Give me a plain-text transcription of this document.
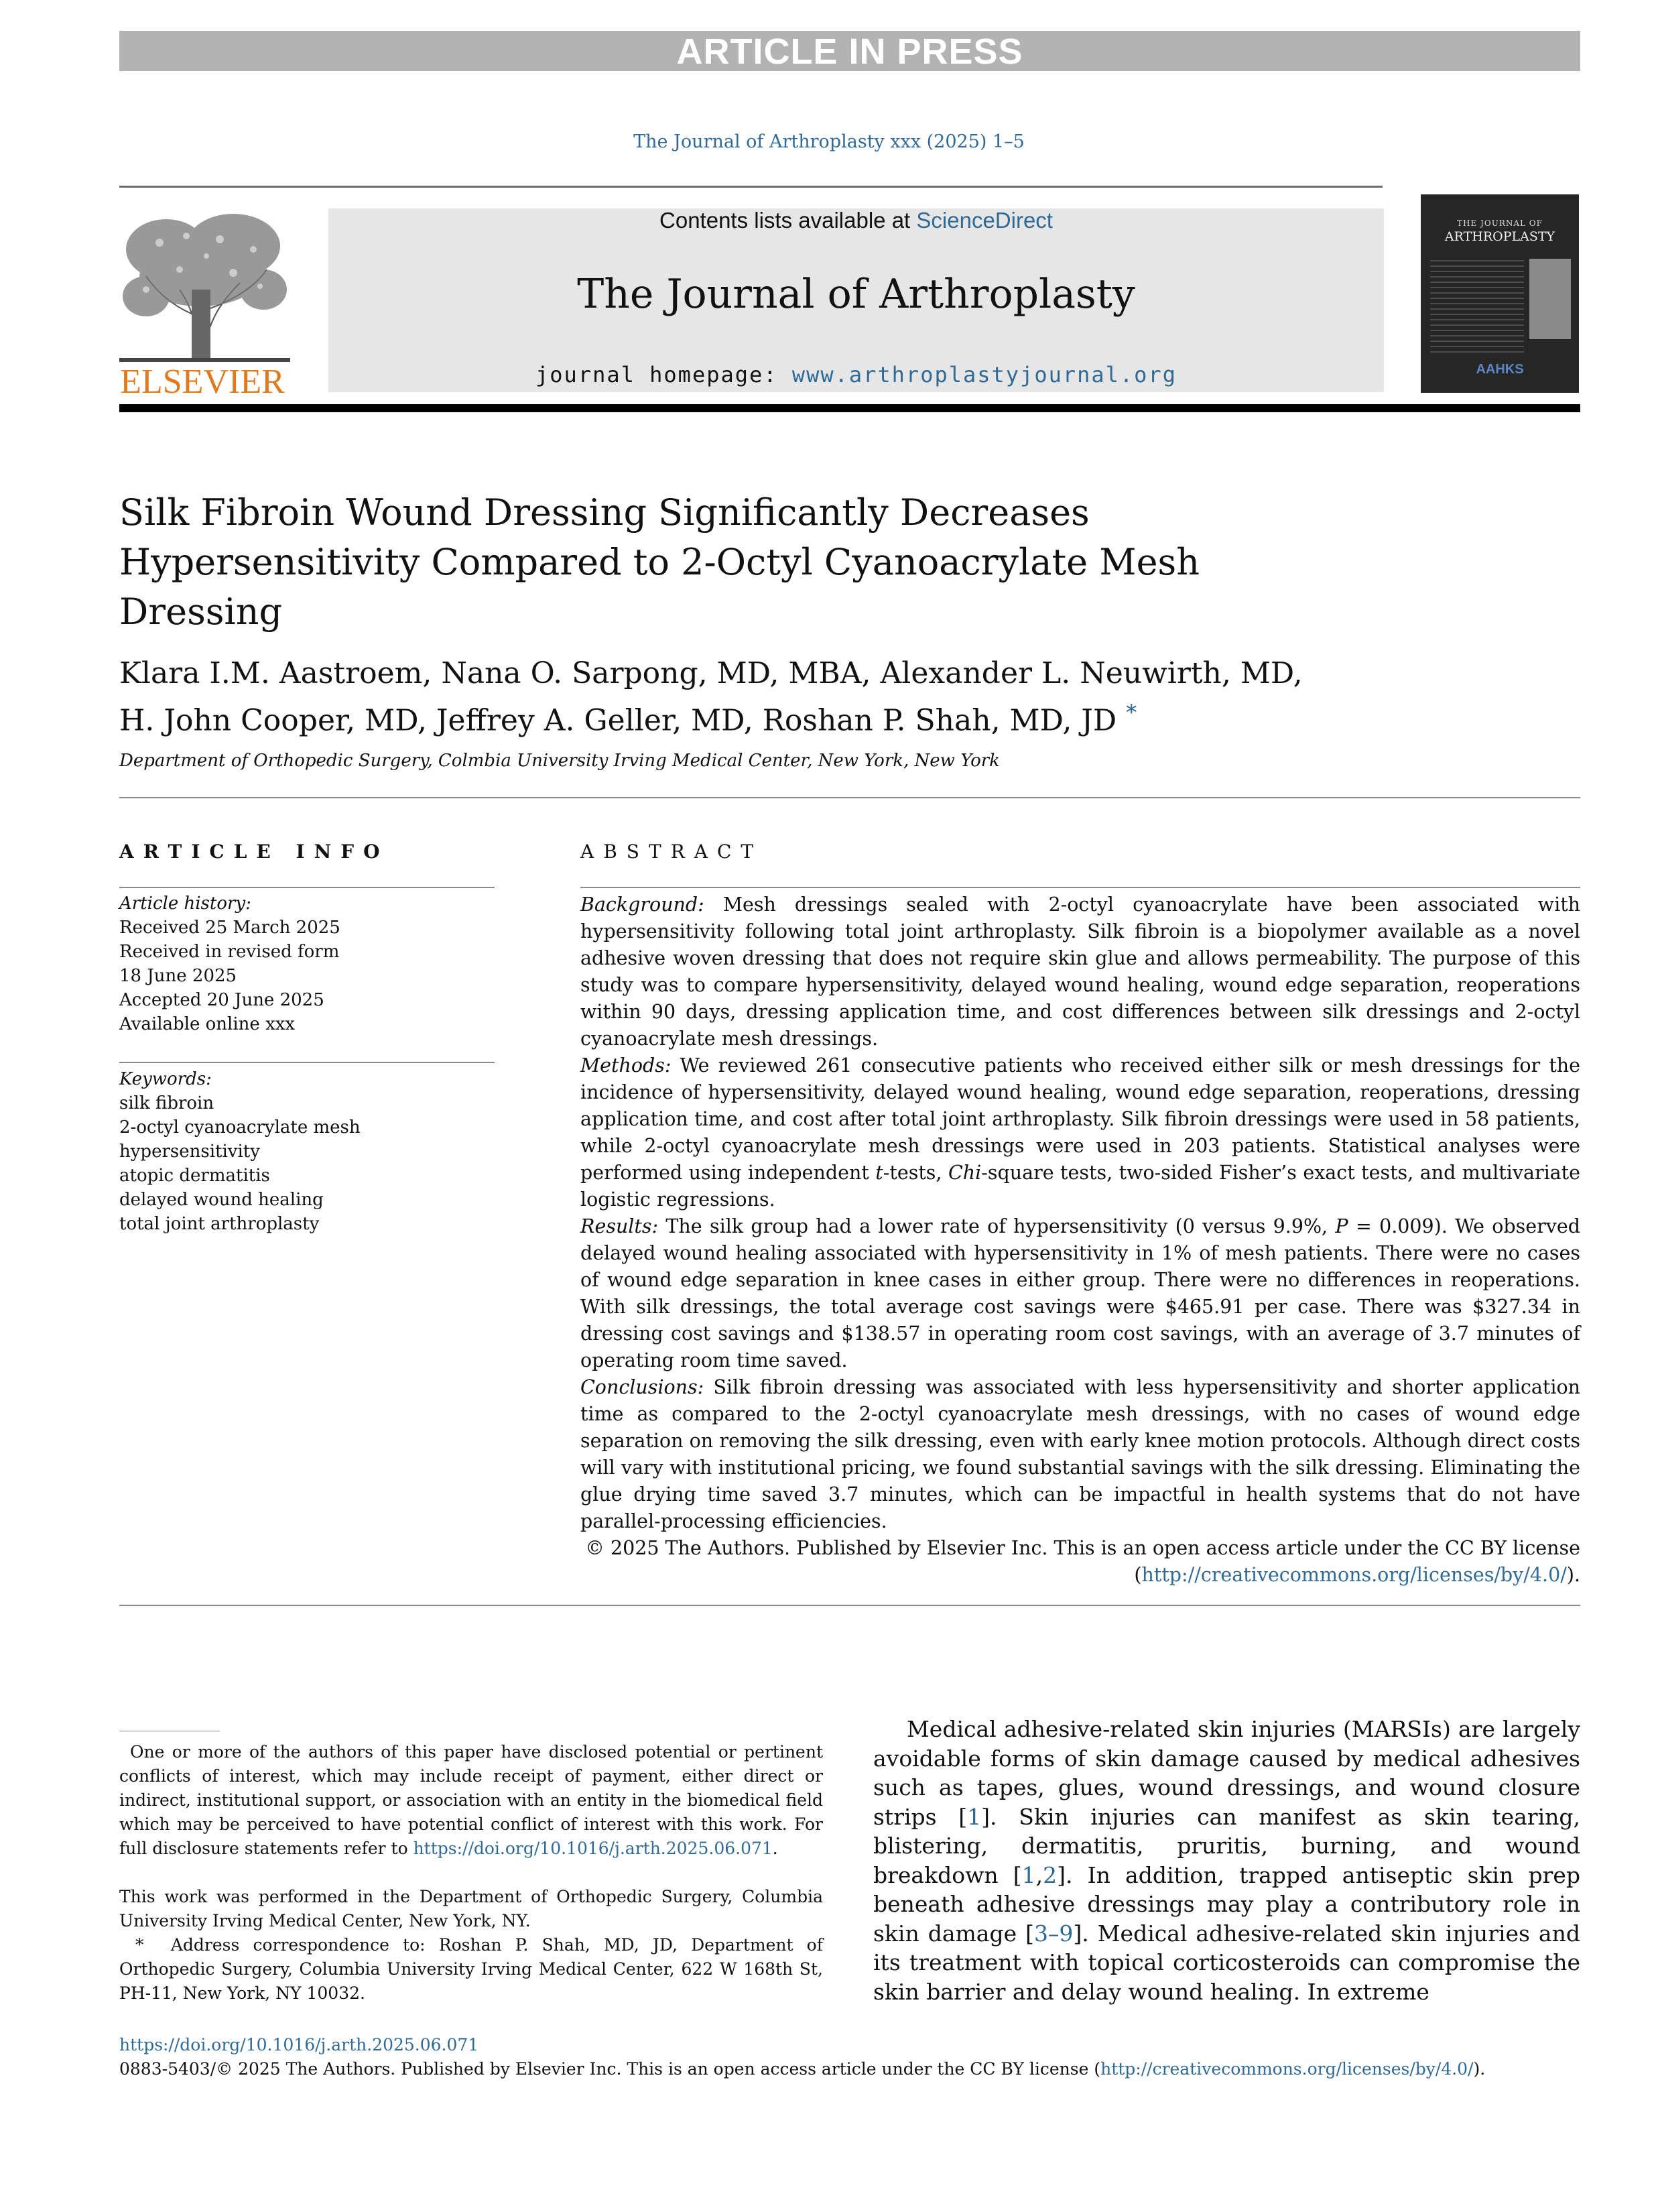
ARTICLE IN PRESS
The Journal of Arthroplasty xxx (2025) 1–5
ELSEVIER
Contents lists available at ScienceDirect
The Journal of Arthroplasty
journal homepage: www.arthroplastyjournal.org
THE JOURNAL OF
ARTHROPLASTY
AAHKS
Silk Fibroin Wound Dressing Significantly Decreases Hypersensitivity Compared to 2-Octyl Cyanoacrylate Mesh Dressing
Klara I.M. Aastroem, Nana O. Sarpong, MD, MBA, Alexander L. Neuwirth, MD,
H. John Cooper, MD, Jeffrey A. Geller, MD, Roshan P. Shah, MD, JD *
Department of Orthopedic Surgery, Colmbia University Irving Medical Center, New York, New York
ARTICLE INFO
Article history:
Received 25 March 2025
Received in revised form
18 June 2025
Accepted 20 June 2025
Available online xxx
Keywords:
silk fibroin
2-octyl cyanoacrylate mesh
hypersensitivity
atopic dermatitis
delayed wound healing
total joint arthroplasty
ABSTRACT

Background: Mesh dressings sealed with 2-octyl cyanoacrylate have been associated with hypersensitivity following total joint arthroplasty. Silk fibroin is a biopolymer available as a novel adhesive woven dressing that does not require skin glue and allows permeability. The purpose of this study was to compare hypersensitivity, delayed wound healing, wound edge separation, reoperations within 90 days, dressing application time, and cost differences between silk dressings and 2-octyl cyanoacrylate mesh dressings.

Methods: We reviewed 261 consecutive patients who received either silk or mesh dressings for the incidence of hypersensitivity, delayed wound healing, wound edge separation, reoperations, dressing application time, and cost after total joint arthroplasty. Silk fibroin dressings were used in 58 patients, while 2-octyl cyanoacrylate mesh dressings were used in 203 patients. Statistical analyses were performed using independent t-tests, Chi-square tests, two-sided Fisher’s exact tests, and multivariate logistic regressions.

Results: The silk group had a lower rate of hypersensitivity (0 versus 9.9%, P = 0.009). We observed delayed wound healing associated with hypersensitivity in 1% of mesh patients. There were no cases of wound edge separation in knee cases in either group. There were no differences in reoperations. With silk dressings, the total average cost savings were $465.91 per case. There was $327.34 in dressing cost savings and $138.57 in operating room cost savings, with an average of 3.7 minutes of operating room time saved.

Conclusions: Silk fibroin dressing was associated with less hypersensitivity and shorter application time as compared to the 2-octyl cyanoacrylate mesh dressings, with no cases of wound edge separation on removing the silk dressing, even with early knee motion protocols. Although direct costs will vary with institutional pricing, we found substantial savings with the silk dressing. Eliminating the glue drying time saved 3.7 minutes, which can be impactful in health systems that do not have parallel-processing efficiencies.

© 2025 The Authors. Published by Elsevier Inc. This is an open access article under the CC BY license (http://creativecommons.org/licenses/by/4.0/).

One or more of the authors of this paper have disclosed potential or pertinent conflicts of interest, which may include receipt of payment, either direct or indirect, institutional support, or association with an entity in the biomedical field which may be perceived to have potential conflict of interest with this work. For full disclosure statements refer to https://doi.org/10.1016/j.arth.2025.06.071.

This work was performed in the Department of Orthopedic Surgery, Columbia University Irving Medical Center, New York, NY.

* Address correspondence to: Roshan P. Shah, MD, JD, Department of Orthopedic Surgery, Columbia University Irving Medical Center, 622 W 168th St, PH-11, New York, NY 10032.

Medical adhesive-related skin injuries (MARSIs) are largely avoidable forms of skin damage caused by medical adhesives such as tapes, glues, wound dressings, and wound closure strips [1]. Skin injuries can manifest as skin tearing, blistering, dermatitis, pruritis, burning, and wound breakdown [1,2]. In addition, trapped antiseptic skin prep beneath adhesive dressings may play a contributory role in skin damage [3–9]. Medical adhesive-related skin injuries and its treatment with topical corticosteroids can compromise the skin barrier and delay wound healing. In extreme

https://doi.org/10.1016/j.arth.2025.06.071
0883-5403/© 2025 The Authors. Published by Elsevier Inc. This is an open access article under the CC BY license (http://creativecommons.org/licenses/by/4.0/).
